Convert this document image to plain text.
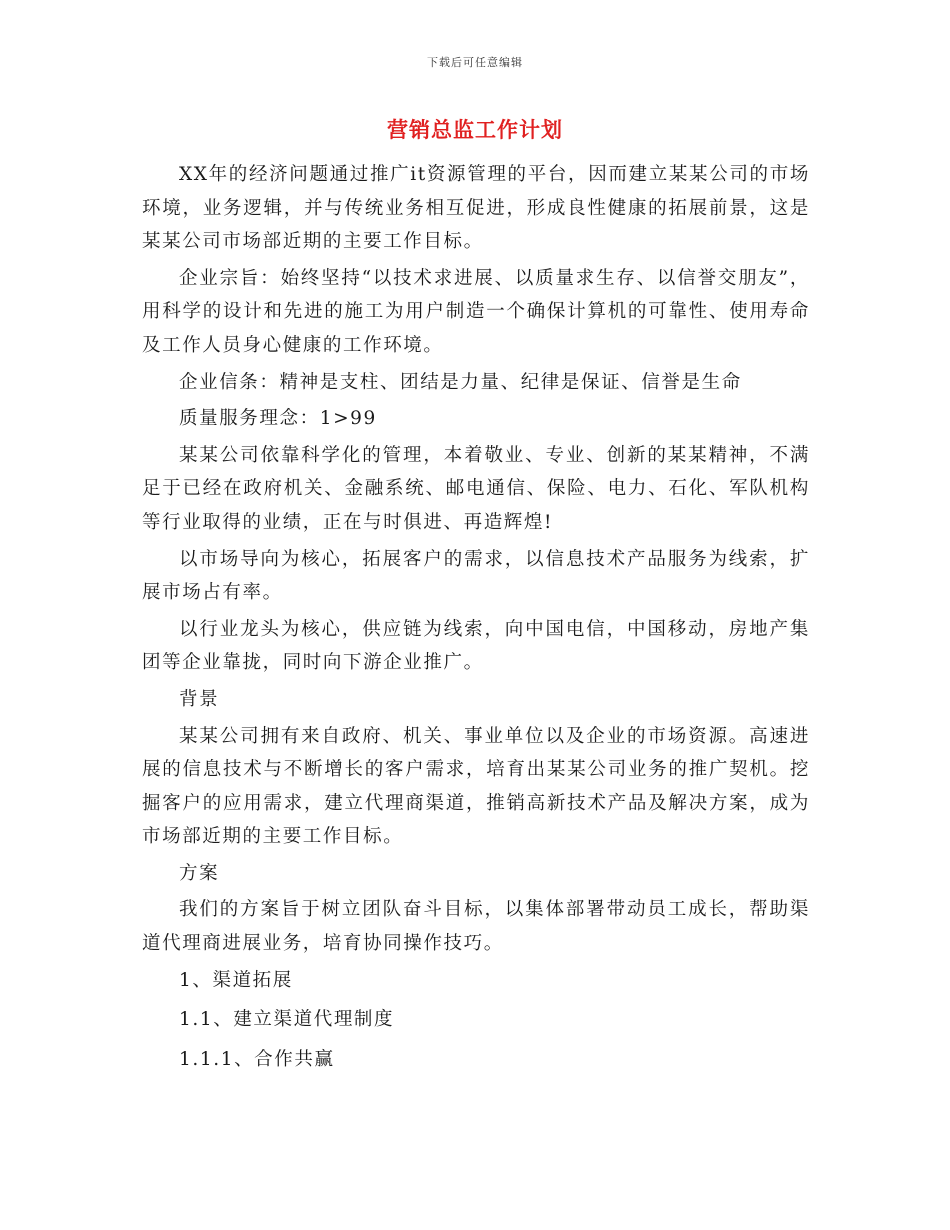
下载后可任意编辑
营销总监工作计划

XX年的经济问题通过推广it资源管理的平台，因而建立某某公司的市场环境，业务逻辑，并与传统业务相互促进，形成良性健康的拓展前景，这是某某公司市场部近期的主要工作目标。

企业宗旨：始终坚持“以技术求进展、以质量求生存、以信誉交朋友”，用科学的设计和先进的施工为用户制造一个确保计算机的可靠性、使用寿命及工作人员身心健康的工作环境。

企业信条：精神是支柱、团结是力量、纪律是保证、信誉是生命

质量服务理念：1>99

某某公司依靠科学化的管理，本着敬业、专业、创新的某某精神，不满足于已经在政府机关、金融系统、邮电通信、保险、电力、石化、军队机构等行业取得的业绩，正在与时俱进、再造辉煌!

以市场导向为核心，拓展客户的需求，以信息技术产品服务为线索，扩展市场占有率。

以行业龙头为核心，供应链为线索，向中国电信，中国移动，房地产集团等企业靠拢，同时向下游企业推广。

背景

某某公司拥有来自政府、机关、事业单位以及企业的市场资源。高速进展的信息技术与不断增长的客户需求，培育出某某公司业务的推广契机。挖掘客户的应用需求，建立代理商渠道，推销高新技术产品及解决方案，成为市场部近期的主要工作目标。

方案

我们的方案旨于树立团队奋斗目标，以集体部署带动员工成长，帮助渠道代理商进展业务，培育协同操作技巧。

1、渠道拓展

1.1、建立渠道代理制度

1.1.1、合作共赢
